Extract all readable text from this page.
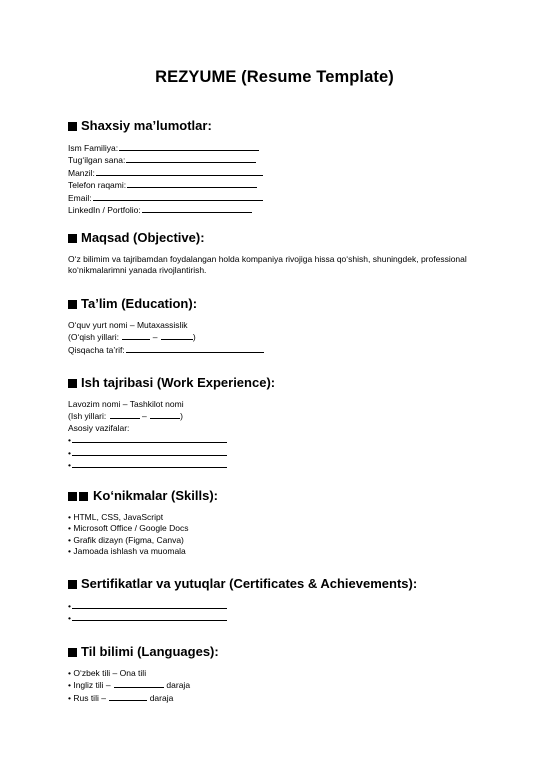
REZYUME (Resume Template)
Shaxsiy ma’lumotlar:
Ism Familiya:
Tug‘ilgan sana:
Manzil:
Telefon raqami:
Email:
LinkedIn / Portfolio:
Maqsad (Objective):
O‘z bilimim va tajribamdan foydalangan holda kompaniya rivojiga hissa qo‘shish, shuningdek, professional ko‘nikmalarimni yanada rivojlantirish.
Ta’lim (Education):
O‘quv yurt nomi – Mutaxassislik
(O‘qish yillari:	–	)
Qisqacha ta’rif:
Ish tajribasi (Work Experience):
Lavozim nomi – Tashkilot nomi
(Ish yillari:	–	)
Asosiy vazifalar:
•
•
•
Ko‘nikmalar (Skills):
• HTML, CSS, JavaScript
• Microsoft Office / Google Docs
• Grafik dizayn (Figma, Canva)
• Jamoada ishlash va muomala
Sertifikatlar va yutuqlar (Certificates & Achievements):
•
•
Til bilimi (Languages):
• O‘zbek tili – Ona tili
• Ingliz tili –	daraja
• Rus tili –	daraja
